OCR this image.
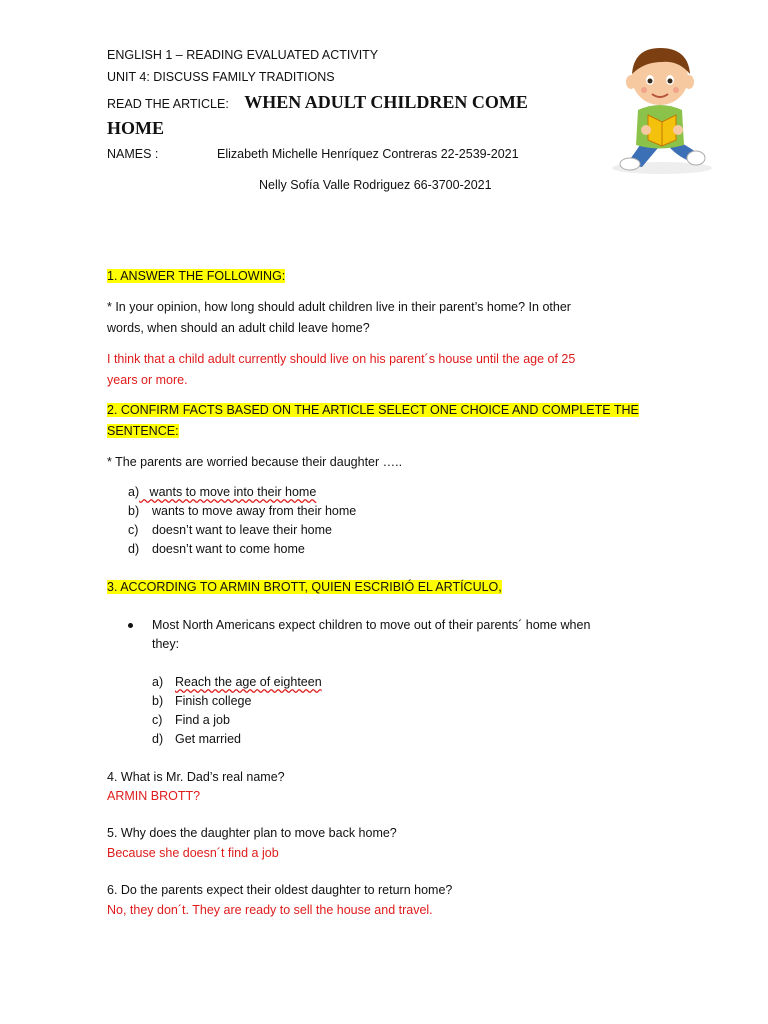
ENGLISH 1 – READING EVALUATED ACTIVITY
UNIT 4: DISCUSS FAMILY TRADITIONS
READ THE ARTICLE: WHEN ADULT CHILDREN COME
HOME
NAMES :	Elizabeth Michelle Henríquez Contreras 22-2539-2021
Nelly Sofía Valle Rodriguez 66-3700-2021
1. ANSWER THE FOLLOWING:
* In your opinion, how long should adult children live in their parent’s home? In other
words, when should an adult child leave home?
I think that a child adult currently should live on his parent´s house until the age of 25
years or more.
2. CONFIRM FACTS BASED ON THE ARTICLE SELECT ONE CHOICE AND COMPLETE THE
SENTENCE:
* The parents are worried because their daughter …..
a)   wants to move into their home
b) wants to move away from their home
c) doesn’t want to leave their home
d) doesn’t want to come home
3. ACCORDING TO ARMIN BROTT, QUIEN ESCRIBIÓ EL ARTÍCULO,
Most North Americans expect children to move out of their parents´ home when
they:
a) Reach the age of eighteen
b) Finish college
c) Find a job
d) Get married
4. What is Mr. Dad’s real name?
ARMIN BROTT?
5. Why does the daughter plan to move back home?
Because she doesn´t find a job
6. Do the parents expect their oldest daughter to return home?
No, they don´t. They are ready to sell the house and travel.
